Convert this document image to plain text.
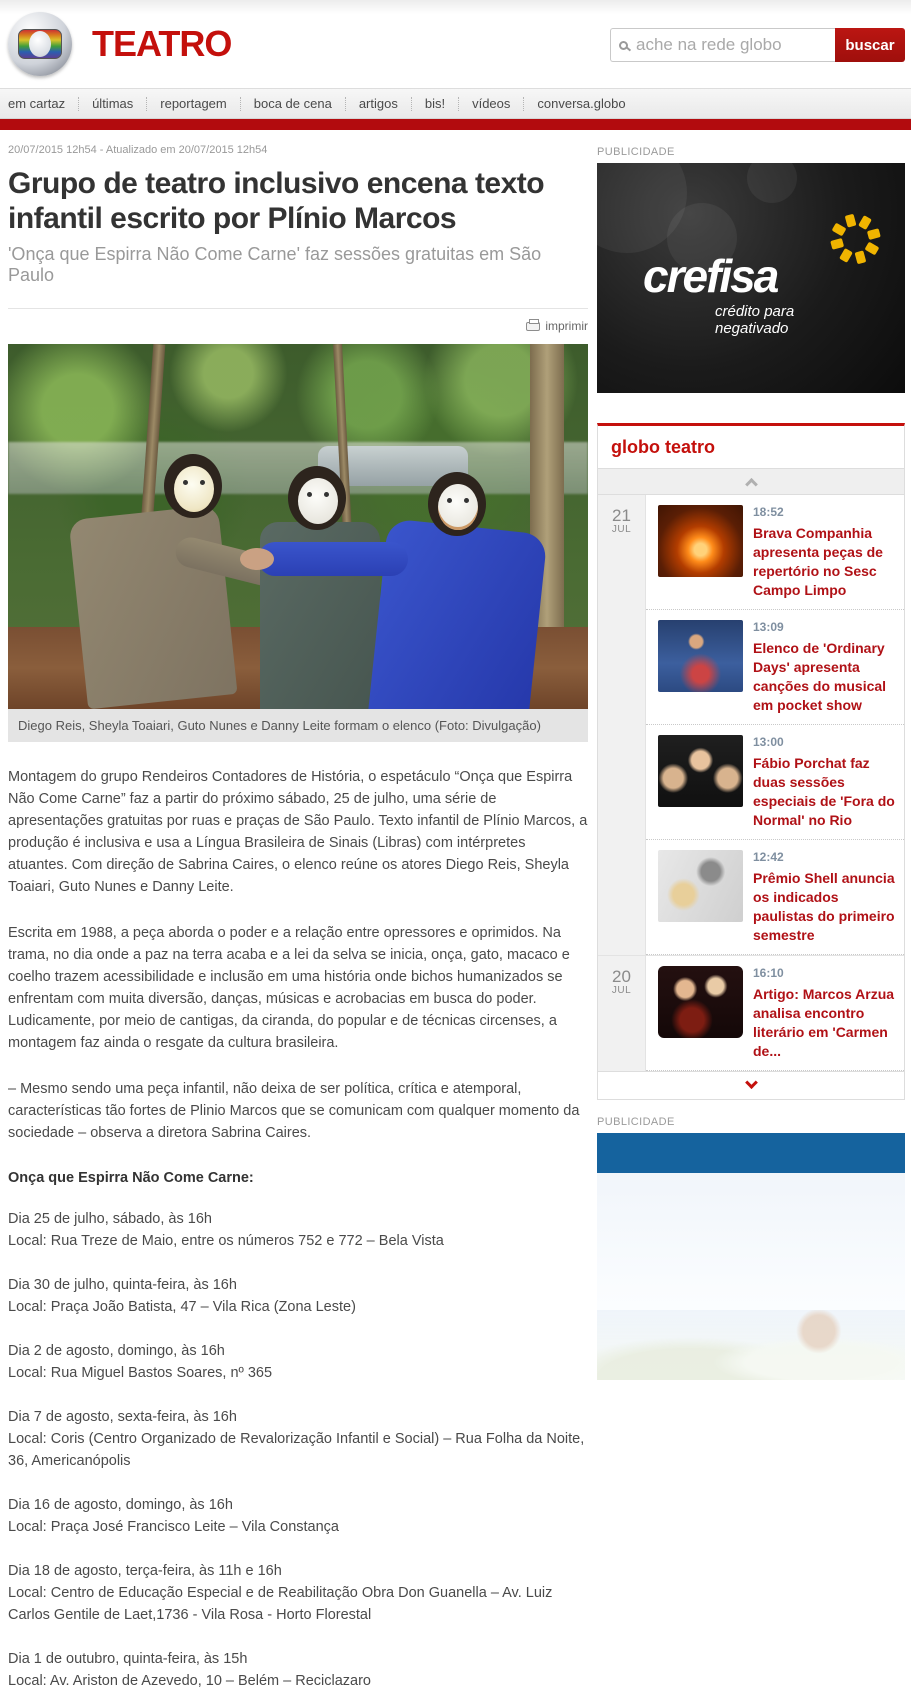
TEATRO
ache na rede globo	buscar
em cartaz	últimas	reportagem	boca de cena	artigos	bis!	vídeos	conversa.globo
20/07/2015 12h54 - Atualizado em 20/07/2015 12h54
Grupo de teatro inclusivo encena texto infantil escrito por Plínio Marcos
'Onça que Espirra Não Come Carne' faz sessões gratuitas em São Paulo
imprimir
Diego Reis, Sheyla Toaiari, Guto Nunes e Danny Leite formam o elenco (Foto: Divulgação)

Montagem do grupo Rendeiros Contadores de História, o espetáculo “Onça que Espirra Não Come Carne” faz a partir do próximo sábado, 25 de julho, uma série de apresentações gratuitas por ruas e praças de São Paulo. Texto infantil de Plínio Marcos, a produção é inclusiva e usa a Língua Brasileira de Sinais (Libras) com intérpretes atuantes. Com direção de Sabrina Caires, o elenco reúne os atores Diego Reis, Sheyla Toaiari, Guto Nunes e Danny Leite.

Escrita em 1988, a peça aborda o poder e a relação entre opressores e oprimidos. Na trama, no dia onde a paz na terra acaba e a lei da selva se inicia, onça, gato, macaco e coelho trazem acessibilidade e inclusão em uma história onde bichos humanizados se enfrentam com muita diversão, danças, músicas e acrobacias em busca do poder. Ludicamente, por meio de cantigas, da ciranda, do popular e de técnicas circenses, a montagem faz ainda o resgate da cultura brasileira.

– Mesmo sendo uma peça infantil, não deixa de ser política, crítica e atemporal, características tão fortes de Plinio Marcos que se comunicam com qualquer momento da sociedade – observa a diretora Sabrina Caires.

Onça que Espirra Não Come Carne:
Dia 25 de julho, sábado, às 16h
Local: Rua Treze de Maio, entre os números 752 e 772 – Bela Vista
Dia 30 de julho, quinta-feira, às 16h
Local: Praça João Batista, 47 – Vila Rica (Zona Leste)
Dia 2 de agosto, domingo, às 16h
Local: Rua Miguel Bastos Soares, nº 365
Dia 7 de agosto, sexta-feira, às 16h
Local: Coris (Centro Organizado de Revalorização Infantil e Social) – Rua Folha da Noite, 36, Americanópolis
Dia 16 de agosto, domingo, às 16h
Local: Praça José Francisco Leite – Vila Constança
Dia 18 de agosto, terça-feira, às 11h e 16h
Local: Centro de Educação Especial e de Reabilitação Obra Don Guanella – Av. Luiz Carlos Gentile de Laet,1736 - Vila Rosa - Horto Florestal
Dia 1 de outubro, quinta-feira, às 15h
Local: Av. Ariston de Azevedo, 10 – Belém – Reciclazaro
PUBLICIDADE
crefisa
crédito para
negativado
globo teatro
21
JUL
18:52
Brava Companhia apresenta peças de repertório no Sesc Campo Limpo
13:09
Elenco de 'Ordinary Days' apresenta canções do musical em pocket show
13:00
Fábio Porchat faz duas sessões especiais de 'Fora do Normal' no Rio
12:42
Prêmio Shell anuncia os indicados paulistas do primeiro semestre
20
JUL
16:10
Artigo: Marcos Arzua analisa encontro literário em 'Carmen de...
PUBLICIDADE
